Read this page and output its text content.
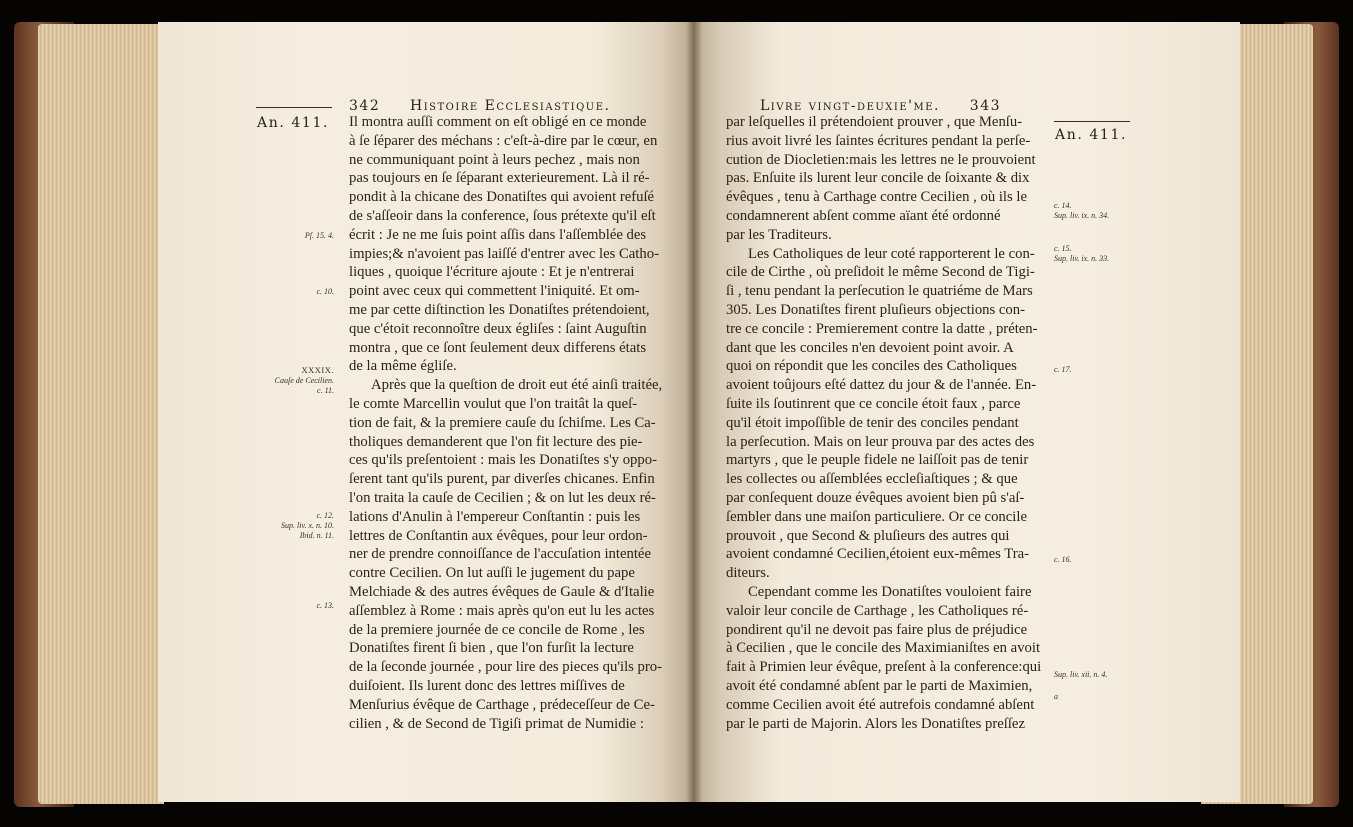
342 Histoire Ecclesiastique.
An. 411. Il montra auſſi comment on eſt obligé en ce monde
à ſe ſéparer des méchans : c'eſt-à-dire par le cœur, en
ne communiquant point à leurs pechez , mais non
pas toujours en ſe ſéparant exterieurement. Là il ré-
pondit à la chicane des Donatiſtes qui avoient refuſé
de s'aſſeoir dans la conference, ſous prétexte qu'il eſt
écrit : Je ne me ſuis point aſſis dans l'aſſemblée des
impies;& n'avoient pas laiſſé d'entrer avec les Catho-
liques , quoique l'écriture ajoute : Et je n'entrerai
point avec ceux qui commettent l'iniquité. Et om-
me par cette diſtinction les Donatiſtes prétendoient,
que c'étoit reconnoître deux égliſes : ſaint Auguſtin
montra , que ce ſont ſeulement deux differens états
de la même égliſe.
Après que la queſtion de droit eut été ainſi traitée,
le comte Marcellin voulut que l'on traitât la queſ-
tion de fait, & la premiere cauſe du ſchiſme. Les Ca-
tholiques demanderent que l'on fit lecture des pie-
ces qu'ils preſentoient : mais les Donatiſtes s'y oppo-
ſerent tant qu'ils purent, par diverſes chicanes. Enfin
l'on traita la cauſe de Cecilien ; & on lut les deux ré-
lations d'Anulin à l'empereur Conſtantin : puis les
lettres de Conſtantin aux évêques, pour leur ordon-
ner de prendre connoiſſance de l'accuſation intentée
contre Cecilien. On lut auſſi le jugement du pape
Melchiade & des autres évêques de Gaule & d'Italie
aſſemblez à Rome : mais après qu'on eut lu les actes
de la premiere journée de ce concile de Rome , les
Donatiſtes firent ſi bien , que l'on furſit la lecture
de la ſeconde journée , pour lire des pieces qu'ils pro-
duiſoient. Ils lurent donc des lettres miſſives de
Menſurius évêque de Carthage , prédeceſſeur de Ce-
cilien , & de Second de Tigiſi primat de Numidie :
Pſ. 15. 4.
c. 10.
XXXIX.
Cauſe de Cecilien.
c. 11.
c. 12.
Sup. liv. x. n. 10.
Ibid. n. 11.
c. 13.
Livre vingt-deuxie'me. 343
An. 411.
par leſquelles il prétendoient prouver , que Menſu-
rius avoit livré les ſaintes écritures pendant la perſe-
cution de Diocletien:mais les lettres ne le prouvoient
pas. Enſuite ils lurent leur concile de ſoixante & dix
évêques , tenu à Carthage contre Cecilien , où ils le
condamnerent abſent comme aïant été ordonné
par les Traditeurs.
Les Catholiques de leur coté rapporterent le con-
cile de Cirthe , où preſidoit le même Second de Tigi-
ſi , tenu pendant la perſecution le quatriéme de Mars
305. Les Donatiſtes firent pluſieurs objections con-
tre ce concile : Premierement contre la datte , préten-
dant que les conciles n'en devoient point avoir. A
quoi on répondit que les conciles des Catholiques
avoient toûjours eſté dattez du jour & de l'année. En-
ſuite ils ſoutinrent que ce concile étoit faux , parce
qu'il étoit impoſſible de tenir des conciles pendant
la perſecution. Mais on leur prouva par des actes des
martyrs , que le peuple fidele ne laiſſoit pas de tenir
les collectes ou aſſemblées eccleſiaſtiques ; & que
par conſequent douze évêques avoient bien pû s'aſ-
ſembler dans une maiſon particuliere. Or ce concile
prouvoit , que Second & pluſieurs des autres qui
avoient condamné Cecilien,étoient eux-mêmes Tra-
diteurs.
Cependant comme les Donatiſtes vouloient faire
valoir leur concile de Carthage , les Catholiques ré-
pondirent qu'il ne devoit pas faire plus de préjudice
à Cecilien , que le concile des Maximianiſtes en avoit
fait à Primien leur évêque, preſent à la conference:qui
avoit été condamné abſent par le parti de Maximien,
comme Cecilien avoit été autrefois condamné abſent
par le parti de Majorin. Alors les Donatiſtes preſſez
c. 14.
Sup. liv. ix. n. 34.
c. 15.
Sup. liv. ix. n. 33.
c. 17.
c. 16.
Sup. liv. xii. n. 4.
a
